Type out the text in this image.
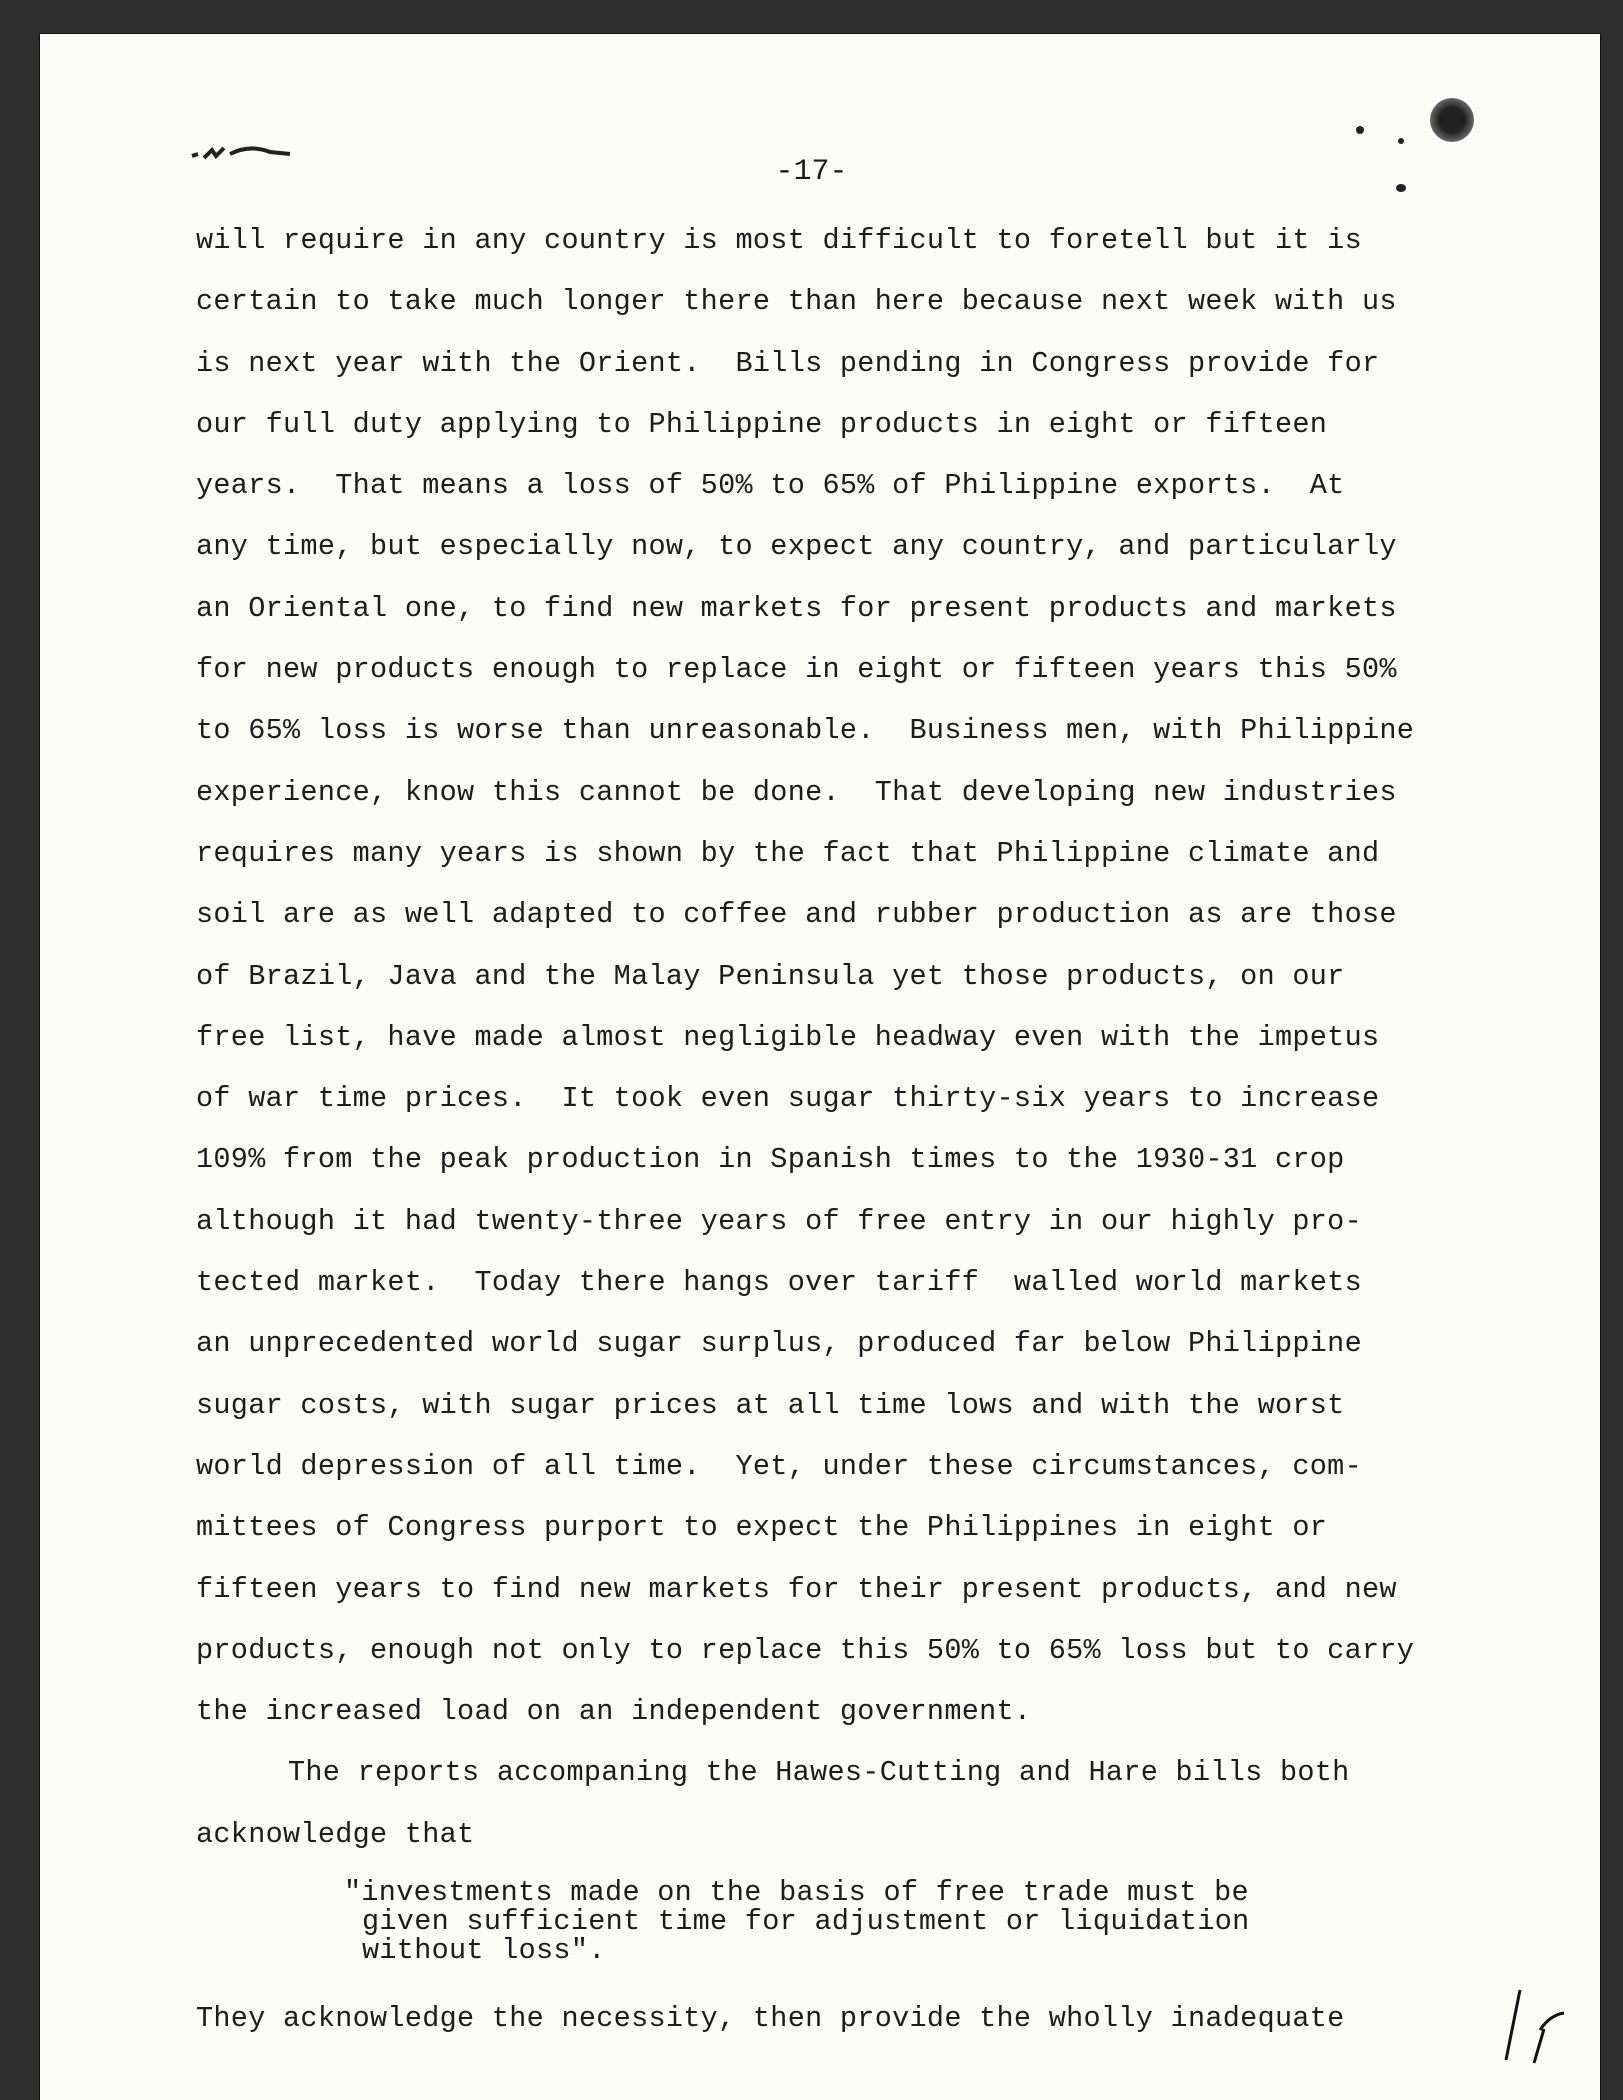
-17-
will require in any country is most difficult to foretell but it is
certain to take much longer there than here because next week with us
is next year with the Orient.  Bills pending in Congress provide for
our full duty applying to Philippine products in eight or fifteen
years.  That means a loss of 50% to 65% of Philippine exports.  At
any time, but especially now, to expect any country, and particularly
an Oriental one, to find new markets for present products and markets
for new products enough to replace in eight or fifteen years this 50%
to 65% loss is worse than unreasonable.  Business men, with Philippine
experience, know this cannot be done.  That developing new industries
requires many years is shown by the fact that Philippine climate and
soil are as well adapted to coffee and rubber production as are those
of Brazil, Java and the Malay Peninsula yet those products, on our
free list, have made almost negligible headway even with the impetus
of war time prices.  It took even sugar thirty-six years to increase
109% from the peak production in Spanish times to the 1930-31 crop
although it had twenty-three years of free entry in our highly pro-
tected market.  Today there hangs over tariff  walled world markets
an unprecedented world sugar surplus, produced far below Philippine
sugar costs, with sugar prices at all time lows and with the worst
world depression of all time.  Yet, under these circumstances, com-
mittees of Congress purport to expect the Philippines in eight or
fifteen years to find new markets for their present products, and new
products, enough not only to replace this 50% to 65% loss but to carry
the increased load on an independent government.
The reports accompaning the Hawes-Cutting and Hare bills both
acknowledge that
"investments made on the basis of free trade must be
given sufficient time for adjustment or liquidation
without loss".
They acknowledge the necessity, then provide the wholly inadequate
